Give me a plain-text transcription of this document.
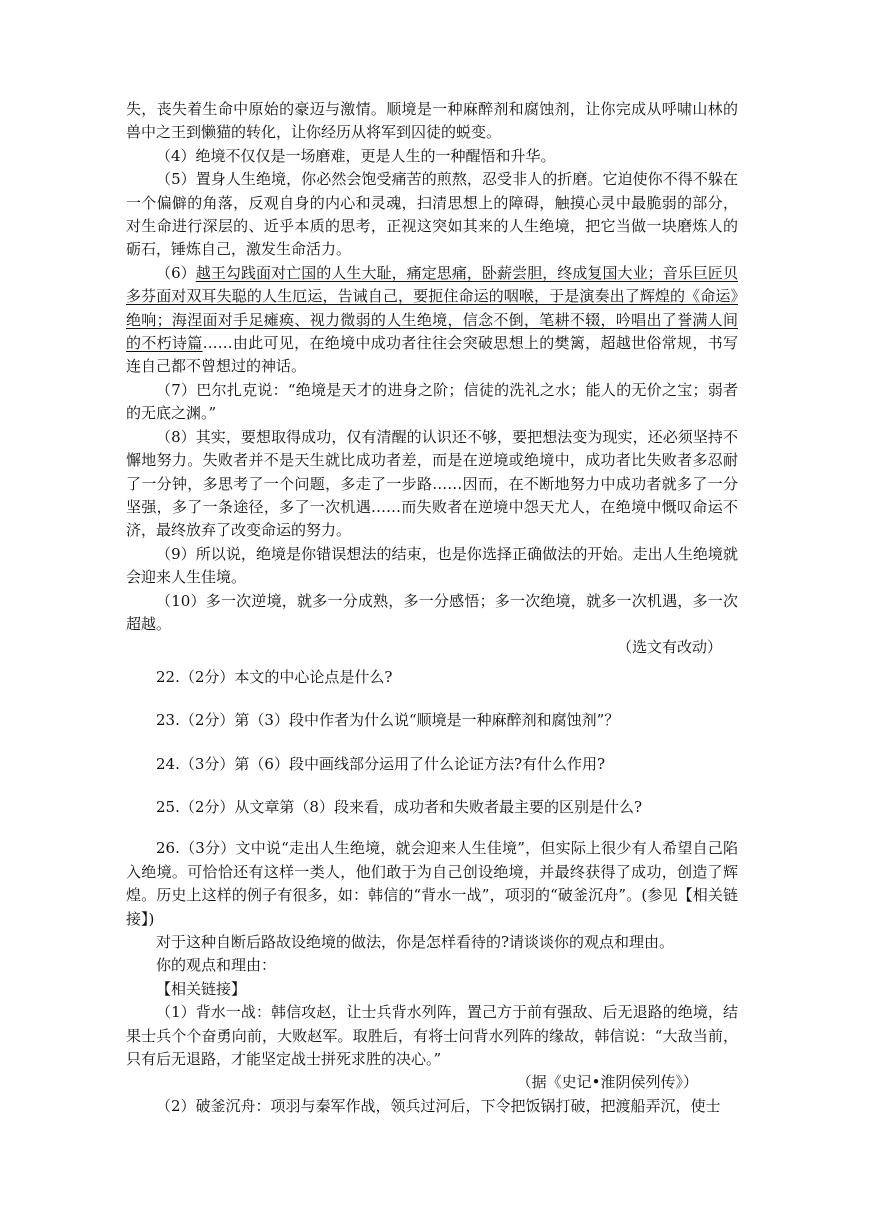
失，丧失着生命中原始的豪迈与激情。顺境是一种麻醉剂和腐蚀剂，让你完成从呼啸山林的兽中之王到懒猫的转化，让你经历从将军到囚徒的蜕变。

（4）绝境不仅仅是一场磨难，更是人生的一种醒悟和升华。

（5）置身人生绝境，你必然会饱受痛苦的煎熬，忍受非人的折磨。它迫使你不得不躲在一个偏僻的角落，反观自身的内心和灵魂，扫清思想上的障碍，触摸心灵中最脆弱的部分，对生命进行深层的、近乎本质的思考，正视这突如其来的人生绝境，把它当做一块磨炼人的砺石，锤炼自己，激发生命活力。

（6）越王勾践面对亡国的人生大耻，痛定思痛，卧薪尝胆，终成复国大业；音乐巨匠贝多芬面对双耳失聪的人生厄运，告诫自己，要扼住命运的咽喉，于是演奏出了辉煌的《命运》绝响；海涅面对手足瘫痪、视力微弱的人生绝境，信念不倒，笔耕不辍，吟唱出了誉满人间的不朽诗篇……由此可见，在绝境中成功者往往会突破思想上的樊篱，超越世俗常规，书写连自己都不曾想过的神话。

（7）巴尔扎克说：“绝境是天才的进身之阶；信徒的洗礼之水；能人的无价之宝；弱者的无底之渊。”

（8）其实，要想取得成功，仅有清醒的认识还不够，要把想法变为现实，还必须坚持不懈地努力。失败者并不是天生就比成功者差，而是在逆境或绝境中，成功者比失败者多忍耐了一分钟，多思考了一个问题，多走了一步路……因而，在不断地努力中成功者就多了一分坚强，多了一条途径，多了一次机遇……而失败者在逆境中怨天尤人，在绝境中慨叹命运不济，最终放弃了改变命运的努力。

（9）所以说，绝境是你错误想法的结束，也是你选择正确做法的开始。走出人生绝境就会迎来人生佳境。

（10）多一次逆境，就多一分成熟，多一分感悟；多一次绝境，就多一次机遇，多一次超越。

（选文有改动）

22.（2分）本文的中心论点是什么?

23.（2分）第（3）段中作者为什么说“顺境是一种麻醉剂和腐蚀剂”？

24.（3分）第（6）段中画线部分运用了什么论证方法?有什么作用?

25.（2分）从文章第（8）段来看，成功者和失败者最主要的区别是什么?

26.（3分）文中说“走出人生绝境，就会迎来人生佳境”，但实际上很少有人希望自己陷入绝境。可恰恰还有这样一类人，他们敢于为自己创设绝境，并最终获得了成功，创造了辉煌。历史上这样的例子有很多，如：韩信的“背水一战”，项羽的“破釜沉舟”。(参见【相关链接】)

对于这种自断后路故设绝境的做法，你是怎样看待的?请谈谈你的观点和理由。

你的观点和理由：

【相关链接】

（1）背水一战：韩信攻赵，让士兵背水列阵，置己方于前有强敌、后无退路的绝境，结果士兵个个奋勇向前，大败赵军。取胜后，有将士问背水列阵的缘故，韩信说：“大敌当前，只有后无退路，才能坚定战士拼死求胜的决心。”

（据《史记•淮阴侯列传》）

（2）破釜沉舟：项羽与秦军作战，领兵过河后，下令把饭锅打破，把渡船弄沉，使士
